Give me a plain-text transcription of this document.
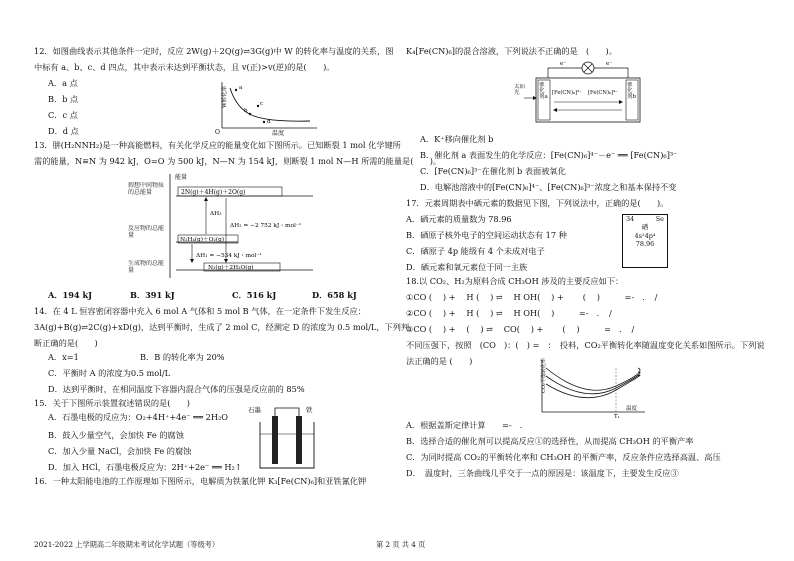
12．如图曲线表示其他条件一定时，反应 2W(g)＋2Q(g)⇌3G(g)中 W 的转化率与温度的关系，图
中标有 a、b、c、d 四点，其中表示未达到平衡状态，且 v(正)>v(逆)的是(　　)。
A．a 点
B．b 点
C．c 点
D．d 点	O
W转化率
温度
a
b
c
d
13．肼(H₂NNH₂)是一种高能燃料，有关化学反应的能量变化如下图所示。已知断裂 1 mol 化学键所
需的能量，N≡N 为 942 kJ，O=O 为 500 kJ，N—N 为 154 kJ，则断裂 1 mol N—H 所需的能量是(　　)。
能量
假想中间物质的总能量
反应物的总能量
生成物的总能量
2N(g)＋4H(g)＋2O(g)
N₂H₄(g)＋O₂(g)
N₂(g)＋2H₂O(g)
ΔH₃
ΔH₂ = −2 752 kJ・mol⁻¹
ΔH₁ = −534 kJ・mol⁻¹
A．194 kJ	B．391 kJ	C．516 kJ	D．658 kJ
14．在 4 L 恒容密闭容器中充入 6 mol A 气体和 5 mol B 气体，在一定条件下发生反应：
3A(g)+B(g)⇌2C(g)+xD(g)，达到平衡时，生成了 2 mol C，经测定 D 的浓度为 0.5 mol/L，下列判
断正确的是(　　)
A．x=1	B．B 的转化率为 20%
C．平衡时 A 的浓度为0.5 mol/L
D．达到平衡时，在相同温度下容器内混合气体的压强是反应前的 85%
15．关于下图所示装置叙述错误的是(　　)
A．石墨电极的反应为：O₂+4H⁺+4e⁻ ══ 2H₂O
B．鼓入少量空气，会加快 Fe 的腐蚀
C．加入少量 NaCl，会加快 Fe 的腐蚀
D．加入 HCl，石墨电极反应为：2H⁺+2e⁻ ══ H₂↑
石墨	铁
16．一种太阳能电池的工作原理如下图所示，电解质为铁氰化钾 K₃[Fe(CN)₆]和亚铁氰化钾
K₄[Fe(CN)₆]的混合溶液，下列说法不正确的是　(　　)。
e⁻	e⁻
催化剂a
催化剂b
太阳光	[Fe(CN)₆]³⁻ [Fe(CN)₆]⁴⁻
A．K⁺移向催化剂 b
B．催化剂 a 表面发生的化学反应：[Fe(CN)₆]⁴⁻－e⁻ ══ [Fe(CN)₆]³⁻
C．[Fe(CN)₆]³⁻在催化剂 b 表面被氧化
D．电解池溶液中的[Fe(CN)₆]⁴⁻、[Fe(CN)₆]³⁻浓度之和基本保持不变
17．元素周期表中硒元素的数据见下图，下列说法中，正确的是(　　)。
A．硒元素的质量数为 78.96
B．硒原子核外电子的空间运动状态有 17 种
C．硒原子 4p 能级有 4 个未成对电子
D．硒元素和氧元素位于同一主族
34	Se
硒
4s²4p⁴
78.96
18.以 CO₂、H₂为原料合成 CH₃OH 涉及的主要反应如下：
①CO ( 　) + 　H ( 　) ⇌ 　H OH( 　) + 　　( 　)　　　=-　．　/
②CO ( 　) + 　H ( 　) ⇌ 　H OH( 　)　　　=-　．　/
③CO ( 　) + 　( 　) ⇌ 　CO( 　) + 　　( 　)　　　=　．　/
不同压强下，按照　(CO　)：(　) =　：　投料，CO₂平衡转化率随温度变化关系如图所示。下列说
法正确的是 (　　)	CO₂平衡转化率
温度
T₁
A．根据盖斯定律计算　　=-　．　
B．选择合适的催化剂可以提高反应①的选择性，从而提高 CH₃OH 的平衡产率
C．为同时提高 CO₂的平衡转化率和 CH₃OH 的平衡产率，反应条件应选择高温、高压
D．　温度时，三条曲线几乎交于一点的原因是：该温度下，主要发生反应③
2021-2022 上学期高二年级期末考试化学试题（等级考）	第 2 页 共 4 页
